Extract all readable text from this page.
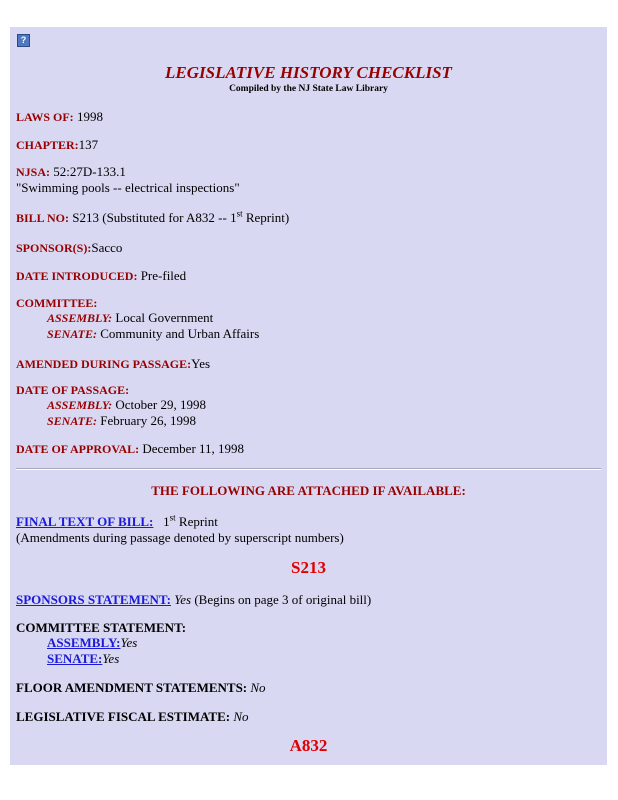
?
LEGISLATIVE HISTORY CHECKLIST
Compiled by the NJ State Law Library
LAWS OF: 1998
CHAPTER:137
NJSA: 52:27D-133.1
"Swimming pools -- electrical inspections"
BILL NO: S213 (Substituted for A832 -- 1st Reprint)
SPONSOR(S):Sacco
DATE INTRODUCED: Pre-filed
COMMITTEE:
ASSEMBLY: Local Government
SENATE: Community and Urban Affairs
AMENDED DURING PASSAGE:Yes
DATE OF PASSAGE:
ASSEMBLY: October 29, 1998
SENATE: February 26, 1998
DATE OF APPROVAL: December 11, 1998
THE FOLLOWING ARE ATTACHED IF AVAILABLE:
FINAL TEXT OF BILL: 1st Reprint
(Amendments during passage denoted by superscript numbers)
S213
SPONSORS STATEMENT: Yes (Begins on page 3 of original bill)
COMMITTEE STATEMENT:
ASSEMBLY:Yes
SENATE:Yes
FLOOR AMENDMENT STATEMENTS: No
LEGISLATIVE FISCAL ESTIMATE: No
A832
